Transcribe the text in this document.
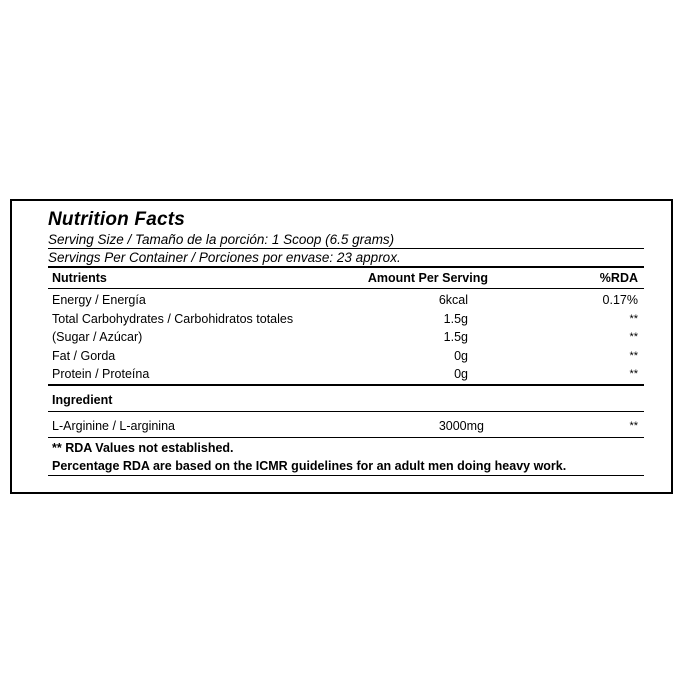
Nutrition Facts
Serving Size / Tamaño de la porción: 1 Scoop (6.5 grams)
Servings Per Container / Porciones por envase: 23 approx.
Nutrients	Amount Per Serving	%RDA
Energy / Energía	6kcal	0.17%
Total Carbohydrates / Carbohidratos totales	1.5g	**
(Sugar / Azúcar)	1.5g	**
Fat / Gorda	0g	**
Protein / Proteína	0g	**
Ingredient
L-Arginine / L-arginina	3000mg	**
** RDA Values not established.
Percentage RDA are based on the ICMR guidelines for an adult men doing heavy work.
